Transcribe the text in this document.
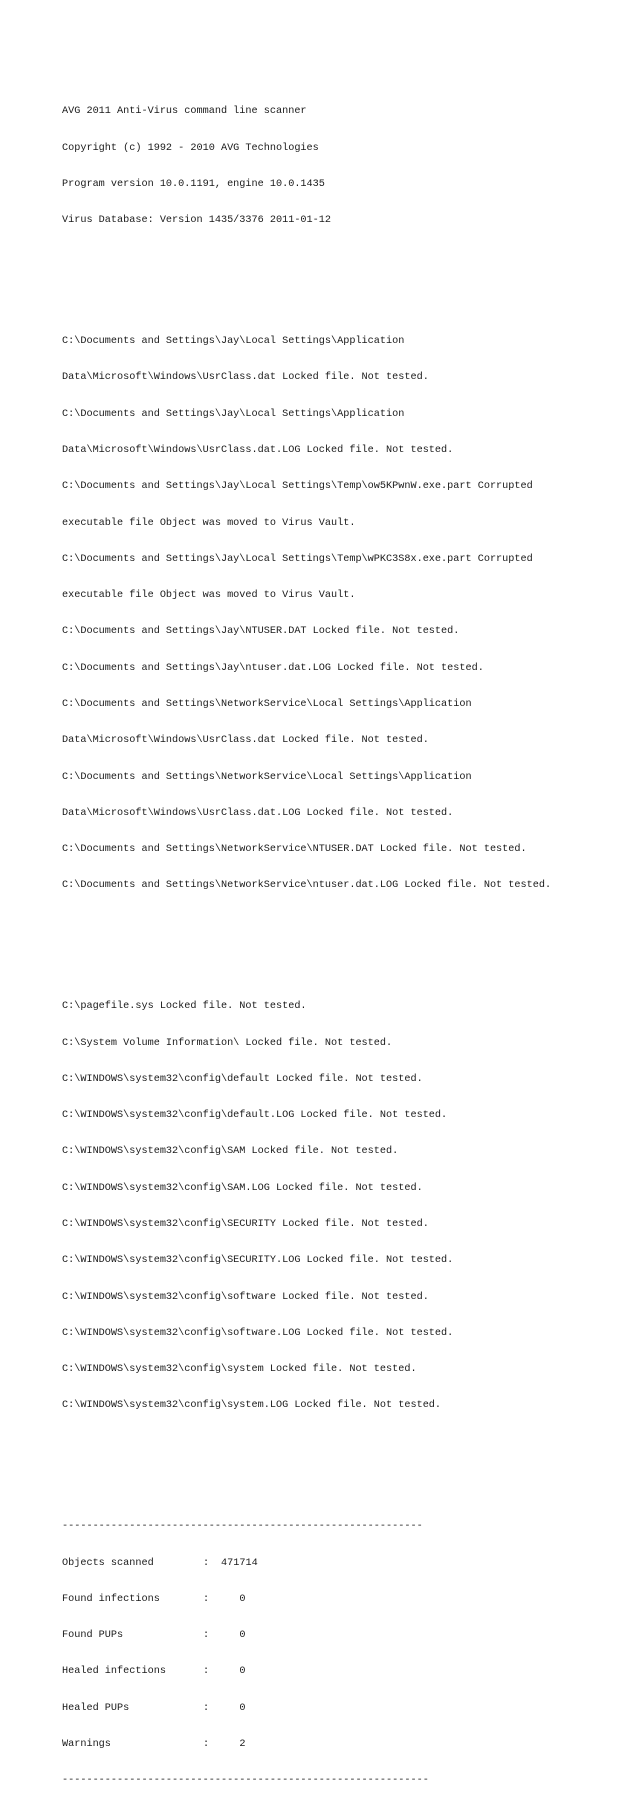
AVG 2011 Anti-Virus command line scanner

Copyright (c) 1992 - 2010 AVG Technologies

Program version 10.0.1191, engine 10.0.1435

Virus Database: Version 1435/3376 2011-01-12

C:\Documents and Settings\Jay\Local Settings\Application

Data\Microsoft\Windows\UsrClass.dat Locked file. Not tested.

C:\Documents and Settings\Jay\Local Settings\Application

Data\Microsoft\Windows\UsrClass.dat.LOG Locked file. Not tested.

C:\Documents and Settings\Jay\Local Settings\Temp\ow5KPwnW.exe.part Corrupted

executable file Object was moved to Virus Vault.

C:\Documents and Settings\Jay\Local Settings\Temp\wPKC3S8x.exe.part Corrupted

executable file Object was moved to Virus Vault.

C:\Documents and Settings\Jay\NTUSER.DAT Locked file. Not tested.

C:\Documents and Settings\Jay\ntuser.dat.LOG Locked file. Not tested.

C:\Documents and Settings\NetworkService\Local Settings\Application

Data\Microsoft\Windows\UsrClass.dat Locked file. Not tested.

C:\Documents and Settings\NetworkService\Local Settings\Application

Data\Microsoft\Windows\UsrClass.dat.LOG Locked file. Not tested.

C:\Documents and Settings\NetworkService\NTUSER.DAT Locked file. Not tested.

C:\Documents and Settings\NetworkService\ntuser.dat.LOG Locked file. Not tested.

C:\pagefile.sys Locked file. Not tested.

C:\System Volume Information\ Locked file. Not tested.

C:\WINDOWS\system32\config\default Locked file. Not tested.

C:\WINDOWS\system32\config\default.LOG Locked file. Not tested.

C:\WINDOWS\system32\config\SAM Locked file. Not tested.

C:\WINDOWS\system32\config\SAM.LOG Locked file. Not tested.

C:\WINDOWS\system32\config\SECURITY Locked file. Not tested.

C:\WINDOWS\system32\config\SECURITY.LOG Locked file. Not tested.

C:\WINDOWS\system32\config\software Locked file. Not tested.

C:\WINDOWS\system32\config\software.LOG Locked file. Not tested.

C:\WINDOWS\system32\config\system Locked file. Not tested.

C:\WINDOWS\system32\config\system.LOG Locked file. Not tested.

-----------------------------------------------------------

Objects scanned	: 471714

Found infections	:   0

Found PUPs	:   0

Healed infections	:   0

Healed PUPs	:   0

Warnings	:   2

------------------------------------------------------------
